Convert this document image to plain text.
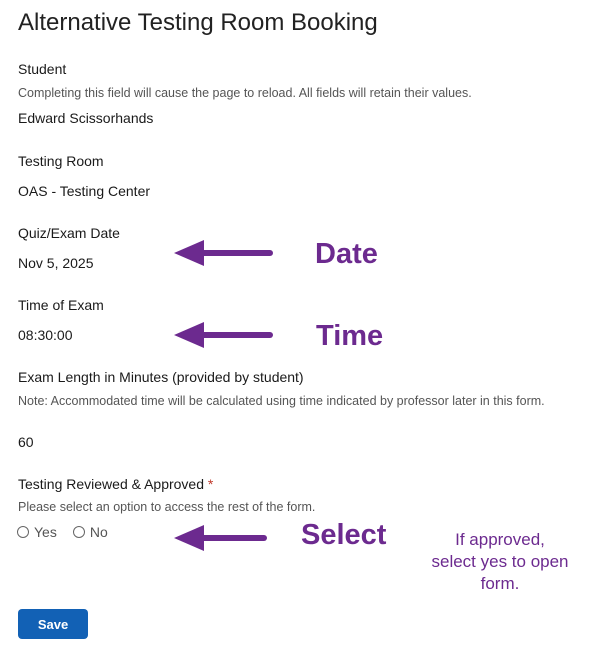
Alternative Testing Room Booking
Student
Completing this field will cause the page to reload. All fields will retain their values.
Edward Scissorhands
Testing Room
OAS - Testing Center
Quiz/Exam Date
Nov 5, 2025
Time of Exam
08:30:00
Exam Length in Minutes (provided by student)
Note: Accommodated time will be calculated using time indicated by professor later in this form.
60
Testing Reviewed & Approved *
Please select an option to access the rest of the form.
Yes No
Save
Date
Time
Select	If approved,
select yes to open
form.
